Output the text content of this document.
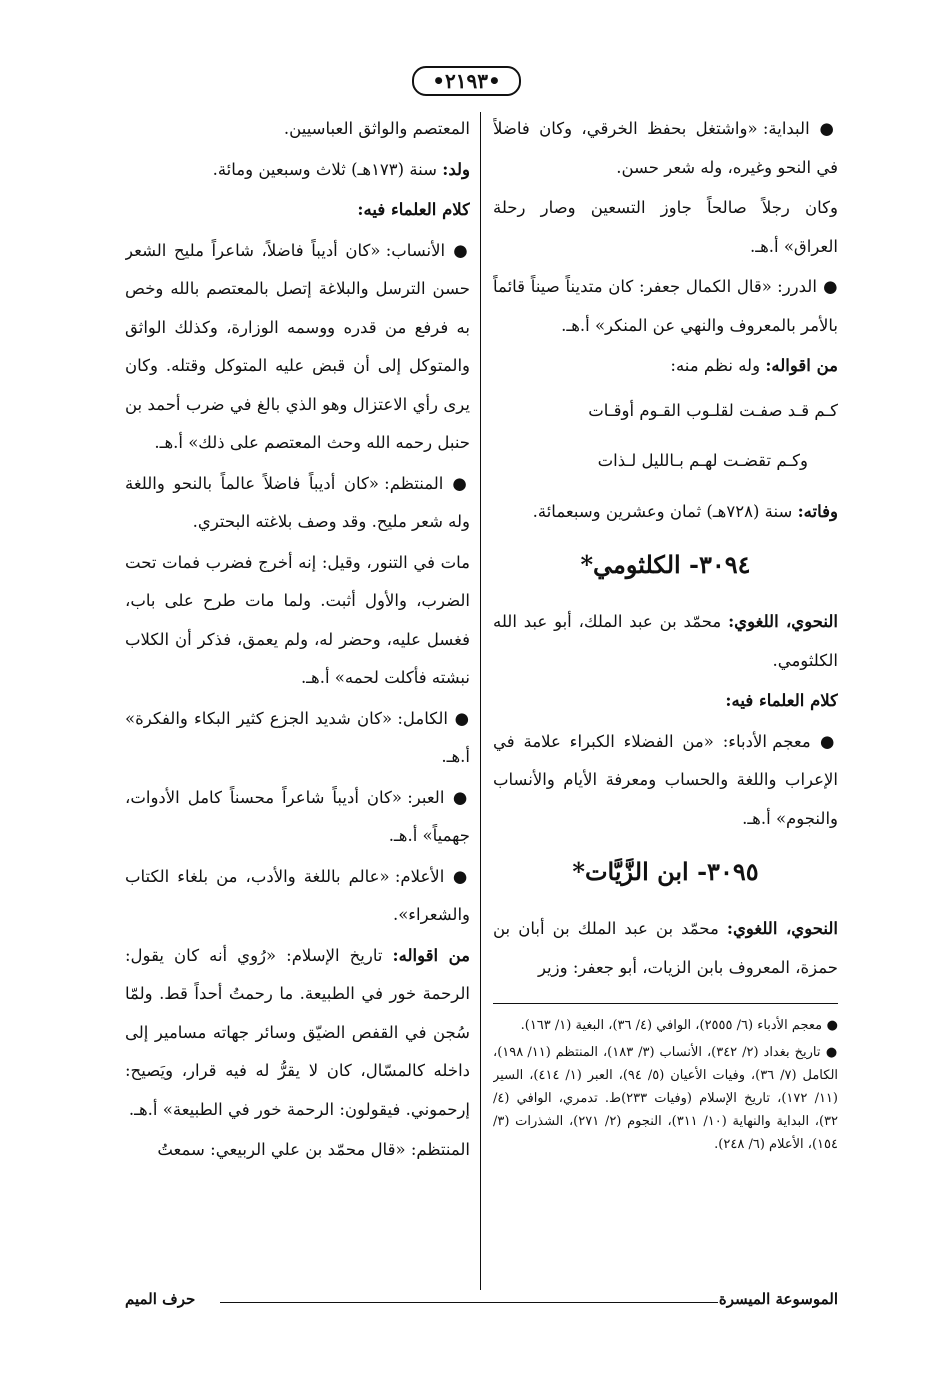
•٢١٩٣•

● البداية: «واشتغل بحفظ الخرقي، وكان فاضلاً في النحو وغيره، وله شعر حسن.

وكان رجلاً صالحاً جاوز التسعين وصار رحلة العراق» أ.هـ.

● الدرر: «قال الكمال جعفر: كان متديناً صيناً قائماً بالأمر بالمعروف والنهي عن المنكر» أ.هـ.

من اقواله: وله نظم منه:

كـم قـد صفـت لقلـوب القـوم أوقـات

وكـم تقضـت لهـم بـالليل لـذات

وفاته: سنة (٧٢٨هـ) ثمان وعشرين وسبعمائة.

٣٠٩٤- الكلثومي*

النحوي، اللغوي: محمّد بن عبد الملك، أبو عبد الله الكلثومي.

كلام العلماء فيه:

● معجم الأدباء: «من الفضلاء الكبراء علامة في الإعراب واللغة والحساب ومعرفة الأيام والأنساب والنجوم» أ.هـ.

٣٠٩٥- ابن الزَّيَّات*

النحوي، اللغوي: محمّد بن عبد الملك بن أبان بن حمزة، المعروف بابن الزيات، أبو جعفر: وزير

● معجم الأدباء (٦/ ٢٥٥٥)، الوافي (٤/ ٣٦)، البغية (١/ ١٦٣).

● تاريخ بغداد (٢/ ٣٤٢)، الأنساب (٣/ ١٨٣)، المنتظم (١١/ ١٩٨)، الكامل (٧/ ٣٦)، وفيات الأعيان (٥/ ٩٤)، العبر (١/ ٤١٤)، السير (١١/ ١٧٢)، تاريخ الإسلام (وفيات ٢٣٣)ط. تدمري، الوافي (٤/ ٣٢)، البداية والنهاية (١٠/ ٣١١)، النجوم (٢/ ٢٧١)، الشذرات (٣/ ١٥٤)، الأعلام (٦/ ٢٤٨).

المعتصم والواثق العباسيين.

ولد: سنة (١٧٣هـ) ثلاث وسبعين ومائة.

كلام العلماء فيه:

● الأنساب: «كان أديباً فاضلاً، شاعراً مليح الشعر حسن الترسل والبلاغة إتصل بالمعتصم بالله وخص به فرفع من قدره ووسمه الوزارة، وكذلك الواثق والمتوكل إلى أن قبض عليه المتوكل وقتله. وكان يرى رأي الاعتزال وهو الذي بالغ في ضرب أحمد بن حنبل رحمه الله وحث المعتصم على ذلك» أ.هـ.

● المنتظم: «كان أديباً فاضلاً عالماً بالنحو واللغة وله شعر مليح. وقد وصف بلاغته البحتري.

مات في التنور، وقيل: إنه أخرج فضرب فمات تحت الضرب، والأول أثبت. ولما مات طرح على باب، فغسل عليه، وحضر له، ولم يعمق، فذكر أن الكلاب نبشته فأكلت لحمه» أ.هـ.

● الكامل: «كان شديد الجزع كثير البكاء والفكرة» أ.هـ.

● العبر: «كان أديباً شاعراً محسناً كامل الأدوات، جهمياً» أ.هـ.

● الأعلام: «عالم باللغة والأدب، من بلغاء الكتاب والشعراء».

من اقواله: تاريخ الإسلام: «رُوي أنه كان يقول: الرحمة خور في الطبيعة. ما رحمتُ أحداً قط. ولمّا سُجن في القفص الضيّق وسائر جهاته مسامير إلى داخله كالمسّال، كان لا يقرُّ له فيه قرار، ويَصيح: إرحموني. فيقولون: الرحمة خور في الطبيعة» أ.هـ.

المنتظم: «قال محمّد بن علي الربيعي: سمعتُ

الموسوعة الميسرة
حرف الميم
